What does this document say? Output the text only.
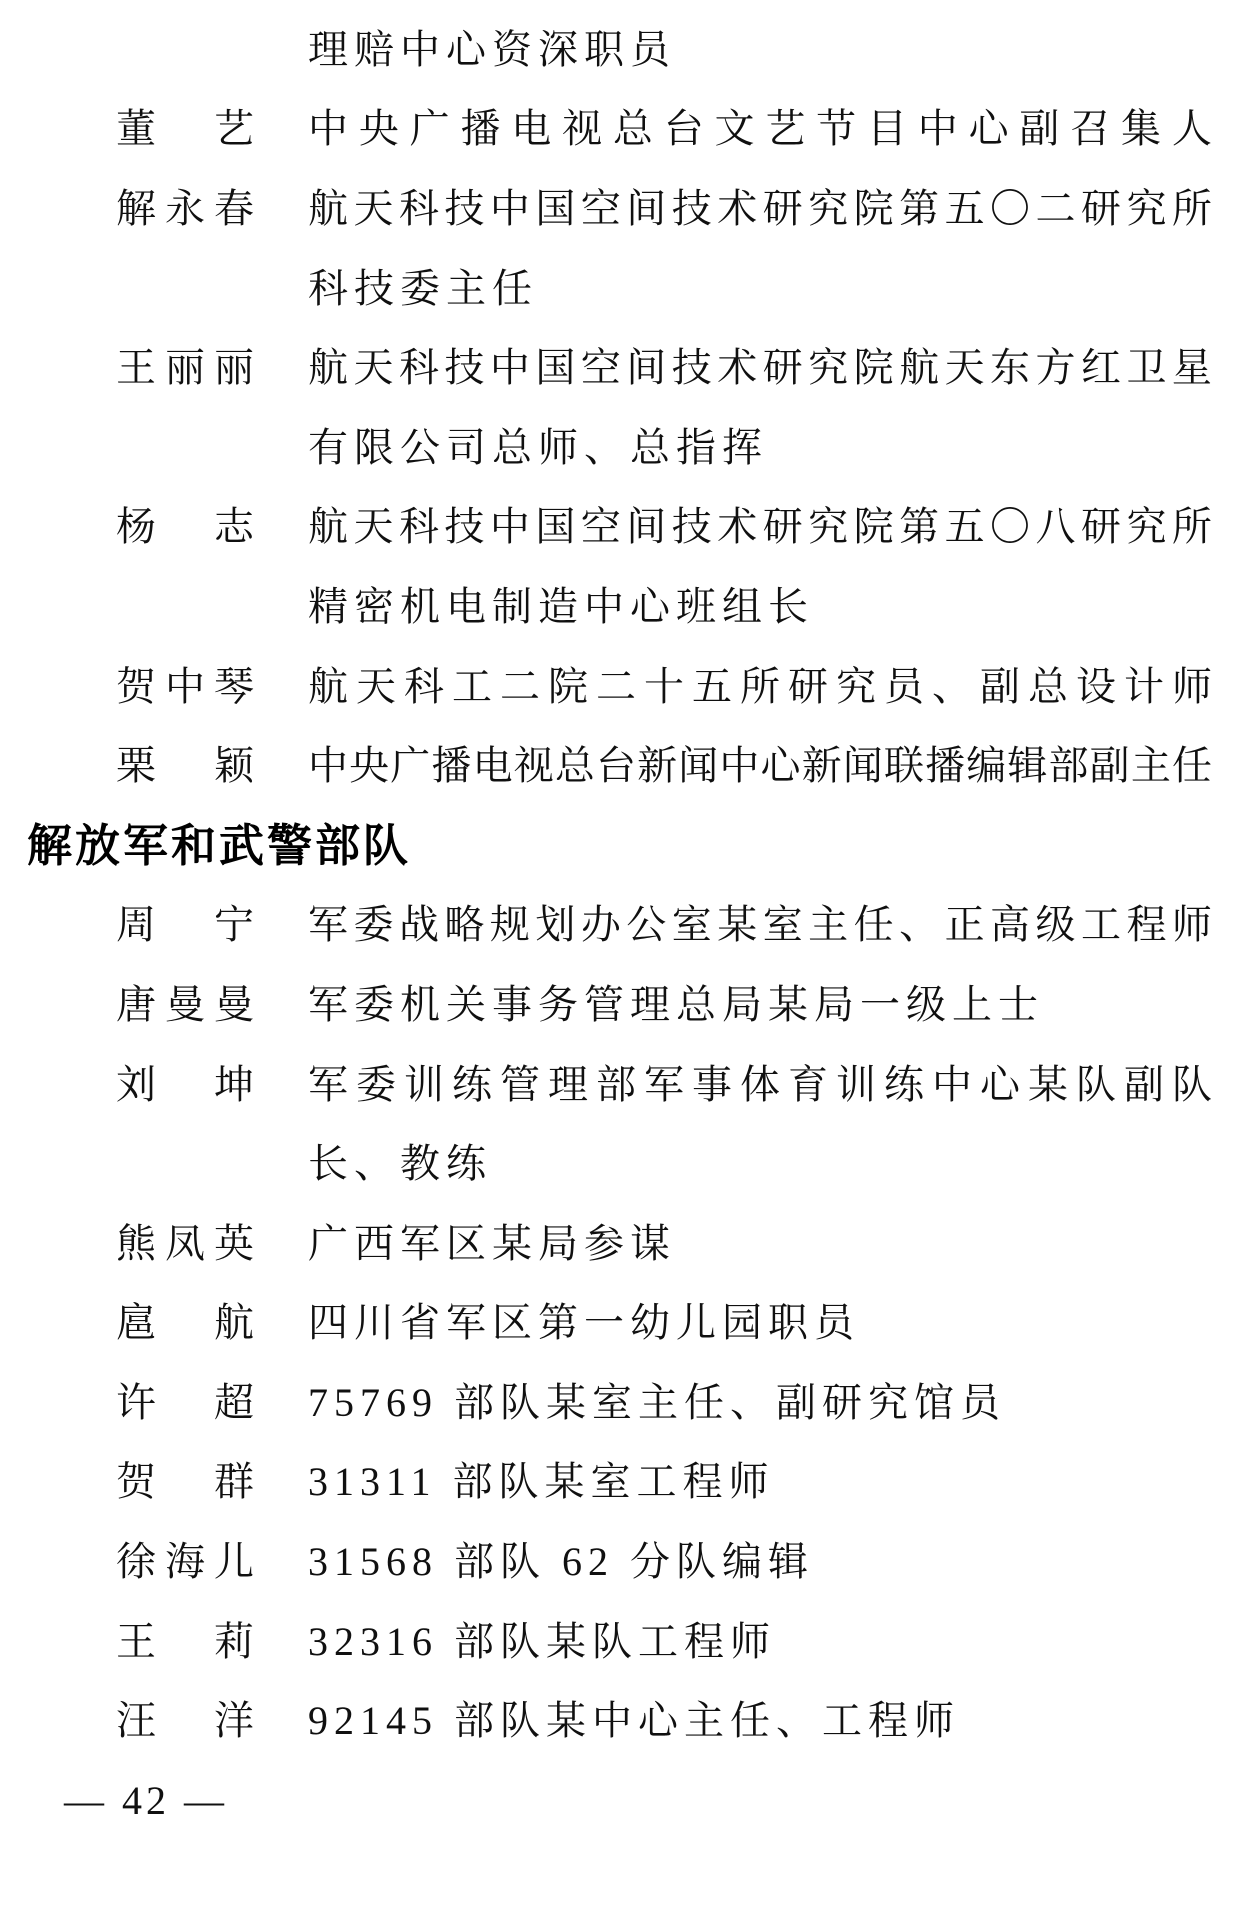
理赔中心资深职员
董 艺 中 央 广 播 电 视 总 台 文 艺 节 目 中 心 副 召 集 人
解 永 春 航 天 科 技 中 国 空 间 技 术 研 究 院 第 五 〇 二 研 究 所
科技委主任
王 丽 丽 航 天 科 技 中 国 空 间 技 术 研 究 院 航 天 东 方 红 卫 星
有限公司总师、总指挥
杨 志 航 天 科 技 中 国 空 间 技 术 研 究 院 第 五 〇 八 研 究 所
精密机电制造中心班组长
贺 中 琴 航 天 科 工 二 院 二 十 五 所 研 究 员 、 副 总 设 计 师
栗 颖 中 央 广 播 电 视 总 台 新 闻 中 心 新 闻 联 播 编 辑 部 副 主 任
解放军和武警部队
周 宁 军 委 战 略 规 划 办 公 室 某 室 主 任 、 正 高 级 工 程 师
唐 曼 曼 军委机关事务管理总局某局一级上士
刘 坤 军 委 训 练 管 理 部 军 事 体 育 训 练 中 心 某 队 副 队
长、教练
熊 凤 英 广西军区某局参谋
扈 航 四川省军区第一幼儿园职员
许 超 75769 部队某室主任、副研究馆员
贺 群 31311 部队某室工程师
徐 海 儿 31568 部队 62 分队编辑
王 莉 32316 部队某队工程师
汪 洋 92145 部队某中心主任、工程师
— 42 —
